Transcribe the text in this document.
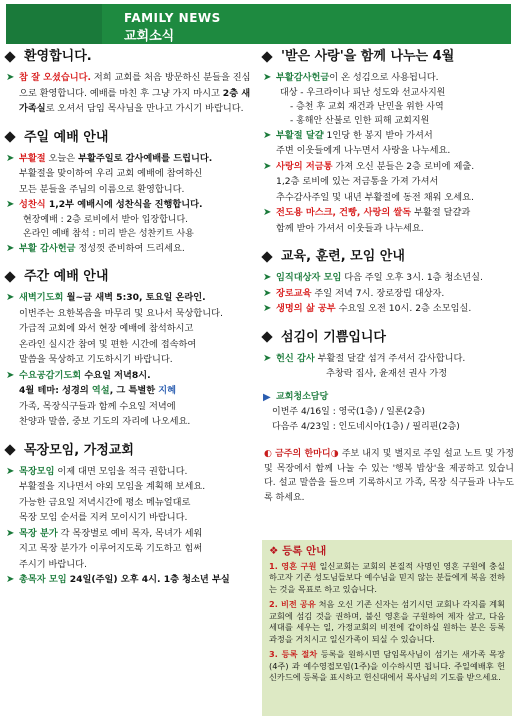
FAMILY NEWS
교회소식
환영합니다.
➤ 참 잘 오셨습니다. 저희 교회를 처음 방문하신 분들을 진심으로 환영합니다. 예배를 마친 후 그냥 가지 마시고 2층 새가족실로 오셔서 담임 목사님을 만나고 가시기 바랍니다.
주일 예배 안내
➤ 부활절 오늘은 부활주일로 감사예배를 드립니다.
부활절을 맞이하여 우리 교회 예배에 참여하신
모든 분들을 주님의 이름으로 환영합니다.
➤ 성찬식 1,2부 예배시에 성찬식을 진행합니다.
현장예배 : 2층 로비에서 받아 입장합니다.
온라인 예배 참석 : 미리 받은 성찬키트 사용
➤ 부활 감사헌금 정성껏 준비하여 드리세요.
주간 예배 안내
➤ 새벽기도회 월~금 새벽 5:30, 토요일 온라인.
이번주는 요한복음을 마무리 및 요나서 묵상합니다.
가급적 교회에 와서 현장 예배에 참석하시고
온라인 실시간 참여 및 편한 시간에 접속하여
말씀을 묵상하고 기도하시기 바랍니다.
➤ 수요공감기도회 수요일 저녁8시.
4월 테마: 성경의 역설, 그 특별한 지혜
가족, 목장식구들과 함께 수요일 저녁에
찬양과 말씀, 중보 기도의 자리에 나오세요.
목장모임, 가정교회
➤ 목장모임 이제 대면 모임을 적극 권합니다.
부활절을 지나면서 야외 모임을 계획해 보세요.
가능한 금요일 저녁시간에 평소 메뉴얼대로
목장 모임 순서를 지켜 모이시기 바랍니다.
➤ 목장 분가 각 목장별로 예비 목자, 목녀가 세워
지고 목장 분가가 이루어지도록 기도하고 힘써
주시기 바랍니다.
➤ 총목자 모임 24일(주일) 오후 4시. 1층 청소년 부실
'받은 사랑'을 함께 나누는 4월
➤ 부활감사헌금이 온 성김으로 사용됩니다.
대상 - 우크라이나 피난 성도와 선교사지원
- 층천 후 교회 재건과 난민을 위한 사역
- 홍해안 산불로 인한 피해 교회지원
➤ 부활절 달걀 1인당 한 봉지 받아 가셔서
주변 이웃들에게 나누면서 사랑을 나누세요.
➤ 사랑의 저금통 가져 오신 분들은 2층 로비에 제출.
1,2층 로비에 있는 저금통을 가져 가셔서
추수감사주일 및 내년 부활절에 동전 채워 오세요.
➤ 전도용 마스크, 건빵, 사랑의 쌀독 부활절 달걀과
함께 받아 가셔서 이웃들과 나누세요.
교육, 훈련, 모임 안내
➤ 임직대상자 모임 다음 주일 오후 3시. 1층 청소년실.
➤ 장로교육 주일 저녁 7시. 장로장립 대상자.
➤ 생명의 삶 공부 수요일 오전 10시. 2층 소모임실.
섬김이 기쁨입니다
➤ 헌신 감사 부활절 달걀 섬겨 주셔서 감사합니다.
추창락 집사, 윤재선 권사 가정
▶ 교회청소담당
이번주 4/16일 : 영국(1층) / 일론(2층)
다음주 4/23일 : 인도네시아(1층) / 필리핀(2층)
◐ 금주의 한마디◑ 주보 내지 및 별지로 주일 설교 노트 및 가정 및 목장에서 함께 나눌 수 있는 '행복 밥상'을 제공하고 있습니다. 설교 말씀을 들으며 기록하시고 가족, 목장 식구들과 나누도록 하세요.
❖ 등록 안내

1. 영혼 구원 일신교회는 교회의 본질적 사명인 영혼 구원에 충실하고자 기존 성도님들보다 예수님을 믿지 않는 분들에게 복음 전하는 것을 목표로 하고 있습니다.

2. 비전 공유 처음 오신 기존 신자는 섬기시던 교회나 각지를 계획 교회에 섬김 것을 권하며, 불신 영혼을 구원하여 제자 삼고, 다음 세대를 세우는 일, 가정교회의 비전에 같이하실 원하는 분은 등록 과정을 거치시고 일신가족이 되실 수 있습니다.

3. 등록 절차 등록을 원하시면 담임목사님이 섬기는 새가족 목장(4주) 과 예수영접모임(1주)을 이수하시면 됩니다. 주일예배후 헌신카드에 등록을 표시하고 헌신대에서 목사님의 기도를 받으세요.
